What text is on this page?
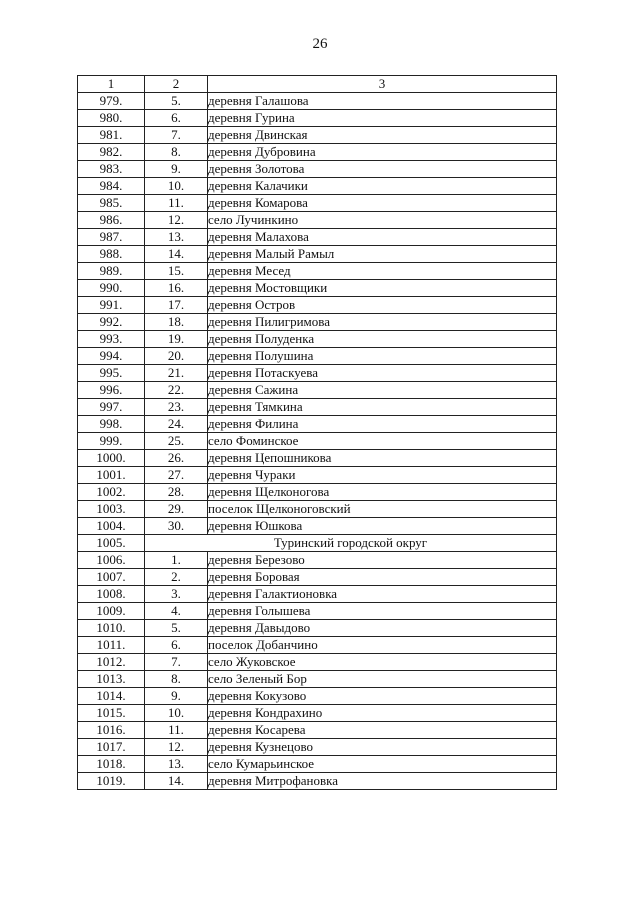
26
1	2	3
979.	5.	деревня Галашова
980.	6.	деревня Гурина
981.	7.	деревня Двинская
982.	8.	деревня Дубровина
983.	9.	деревня Золотова
984.	10.	деревня Калачики
985.	11.	деревня Комарова
986.	12.	село Лучинкино
987.	13.	деревня Малахова
988.	14.	деревня Малый Рамыл
989.	15.	деревня Месед
990.	16.	деревня Мостовщики
991.	17.	деревня Остров
992.	18.	деревня Пилигримова
993.	19.	деревня Полуденка
994.	20.	деревня Полушина
995.	21.	деревня Потаскуева
996.	22.	деревня Сажина
997.	23.	деревня Тямкина
998.	24.	деревня Филина
999.	25.	село Фоминское
1000.	26.	деревня Цепошникова
1001.	27.	деревня Чураки
1002.	28.	деревня Щелконогова
1003.	29.	поселок Щелконоговский
1004.	30.	деревня Юшкова
1005.	Туринский городской округ	
1006.	1.	деревня Березово
1007.	2.	деревня Боровая
1008.	3.	деревня Галактионовка
1009.	4.	деревня Голышева
1010.	5.	деревня Давыдово
1011.	6.	поселок Добанчино
1012.	7.	село Жуковское
1013.	8.	село Зеленый Бор
1014.	9.	деревня Кокузово
1015.	10.	деревня Кондрахино
1016.	11.	деревня Косарева
1017.	12.	деревня Кузнецово
1018.	13.	село Кумарьинское
1019.	14.	деревня Митрофановка
